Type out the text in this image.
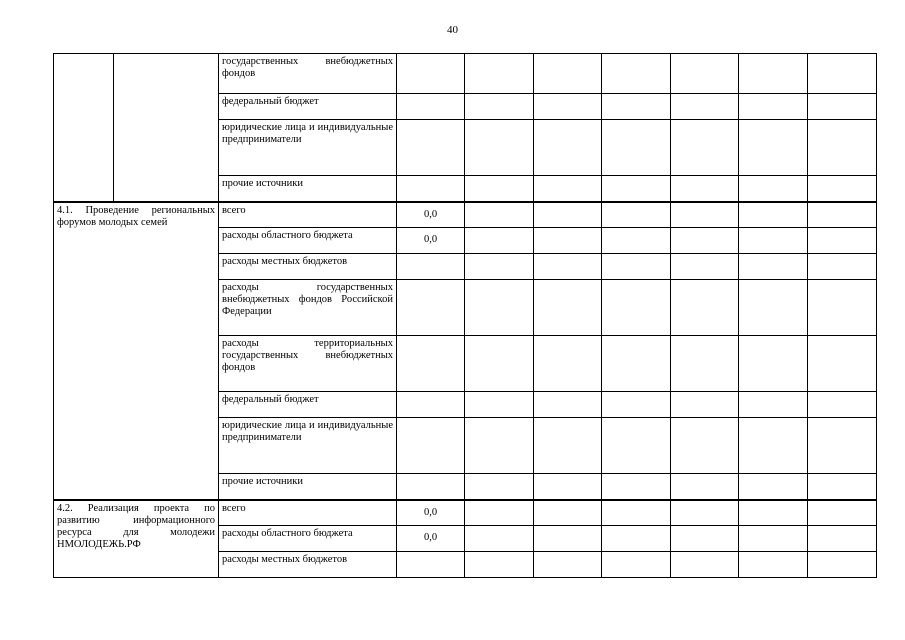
40
		государственных внебюджетных фондов							
		федеральный бюджет							
		юридические лица и индивидуальные предприниматели							
		прочие источники							
4.1. Проведение региональных форумов молодых семей		всего	0,0						
		расходы областного бюджета	0,0						
		расходы местных бюджетов							
		расходы государственных внебюджетных фондов Российской Федерации							
		расходы территориальных государственных внебюджетных фондов							
		федеральный бюджет							
		юридические лица и индивидуальные предприниматели							
		прочие источники							
4.2. Реализация проекта по развитию информационного ресурса для молодежи НМОЛОДЕЖЬ.РФ		всего	0,0						
		расходы областного бюджета	0,0						
		расходы местных бюджетов							
